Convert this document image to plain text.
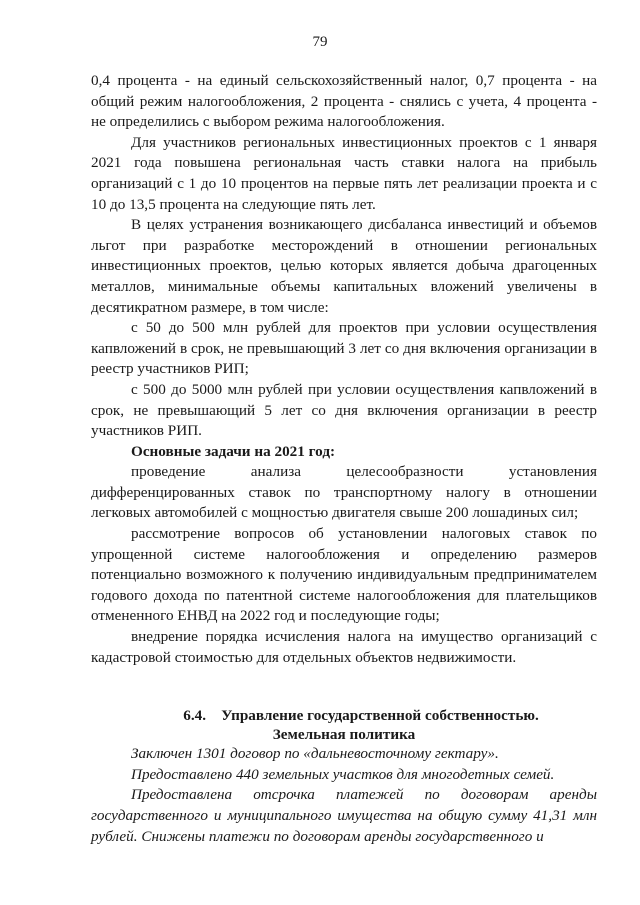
79

0,4 процента - на единый сельскохозяйственный налог, 0,7 процента - на общий режим налогообложения, 2 процента - снялись с учета, 4 процента - не определились с выбором режима налогообложения.

Для участников региональных инвестиционных проектов с 1 января 2021 года повышена региональная часть ставки налога на прибыль организаций с 1 до 10 процентов на первые пять лет реализации проекта и с 10 до 13,5 процента на следующие пять лет.

В целях устранения возникающего дисбаланса инвестиций и объемов льгот при разработке месторождений в отношении региональных инвестиционных проектов, целью которых является добыча драгоценных металлов, минимальные объемы капитальных вложений увеличены в десятикратном размере, в том числе:

с 50 до 500 млн рублей для проектов при условии осуществления капвложений в срок, не превышающий 3 лет со дня включения организации в реестр участников РИП;

с 500 до 5000 млн рублей при условии осуществления капвложений в срок, не превышающий 5 лет со дня включения организации в реестр участников РИП.

Основные задачи на 2021 год:

проведение анализа целесообразности установления дифференцированных ставок по транспортному налогу в отношении легковых автомобилей с мощностью двигателя свыше 200 лошадиных сил;

рассмотрение вопросов об установлении налоговых ставок по упрощенной системе налогообложения и определению размеров потенциально возможного к получению индивидуальным предпринимателем годового дохода по патентной системе налогообложения для плательщиков отмененного ЕНВД на 2022 год и последующие годы;

внедрение порядка исчисления налога на имущество организаций с кадастровой стоимостью для отдельных объектов недвижимости.

6.4. Управление государственной собственностью.
Земельная политика

Заключен 1301 договор по «дальневосточному гектару».

Предоставлено 440 земельных участков для многодетных семей.

Предоставлена отсрочка платежей по договорам аренды государственного и муниципального имущества на общую сумму 41,31 млн рублей. Снижены платежи по договорам аренды государственного и
